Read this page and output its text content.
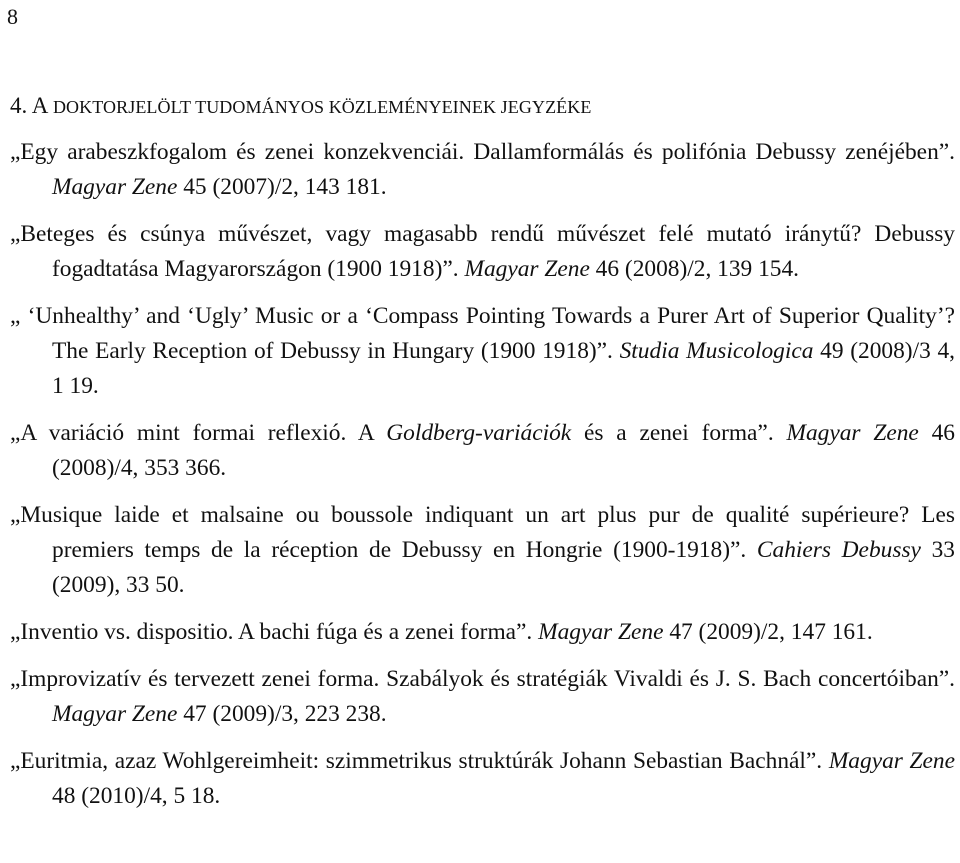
8
4. A DOKTORJELÖLT TUDOMÁNYOS KÖZLEMÉNYEINEK JEGYZÉKE
„Egy arabeszkfogalom és zenei konzekvenciái. Dallamformálás és polifónia Debussy zenéjében”. Magyar Zene 45 (2007)/2, 143 181.
„Beteges és csúnya művészet, vagy magasabb rendű művészet felé mutató iránytű? Debussy fogadtatása Magyarországon (1900 1918)”. Magyar Zene 46 (2008)/2, 139 154.
„ ‘Unhealthy’ and ‘Ugly’ Music or a ‘Compass Pointing Towards a Purer Art of Superior Quality’? The Early Reception of Debussy in Hungary (1900 1918)”. Studia Musicologica 49 (2008)/3 4, 1 19.
„A variáció mint formai reflexió. A Goldberg-variációk és a zenei forma”. Magyar Zene 46 (2008)/4, 353 366.
„Musique laide et malsaine ou boussole indiquant un art plus pur de qualité supérieure? Les premiers temps de la réception de Debussy en Hongrie (1900-1918)”. Cahiers Debussy 33 (2009), 33 50.
„Inventio vs. dispositio. A bachi fúga és a zenei forma”. Magyar Zene 47 (2009)/2, 147 161.
„Improvizatív és tervezett zenei forma. Szabályok és stratégiák Vivaldi és J. S. Bach concertóiban”. Magyar Zene 47 (2009)/3, 223 238.
„Euritmia, azaz Wohlgereimheit: szimmetrikus struktúrák Johann Sebastian Bachnál”. Magyar Zene 48 (2010)/4, 5 18.
